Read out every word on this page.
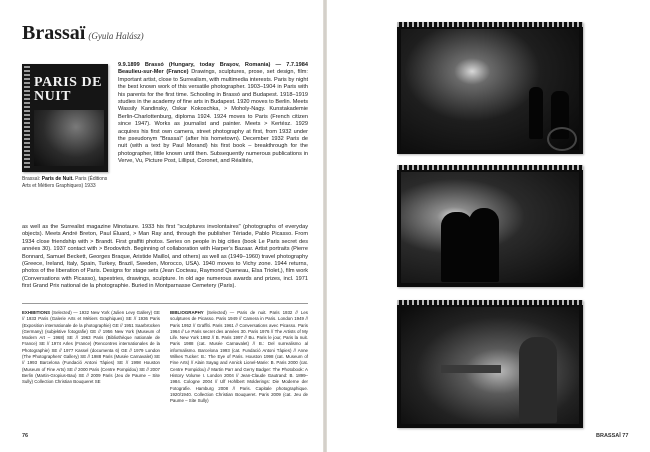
Brassaï (Gyula Halász)
PARIS DE NUIT
Brassaï: Paris de Nuit. Paris (Éditions Arts et Métiers Graphiques) 1933
9.9.1899 Brassó (Hungary, today Braşov, Romania) — 7.7.1984 Beaulieu-sur-Mer (France) Drawings, sculptures, prose, set design, film: Important artist, close to Surrealism, with multimedia interests. Paris by night the best known work of this versatile photographer. 1903–1904 in Paris with his parents for the first time. Schooling in Brassó and Budapest. 1918–1919 studies in the academy of fine arts in Budapest. 1920 moves to Berlin. Meets Wassily Kandinsky, Oskar Kokoschka, > Moholy-Nagy. Kunstakademie Berlin-Charlottenburg, diploma 1924. 1924 moves to Paris (French citizen since 1947). Works as journalist and painter. Meets > Kertész. 1929 acquires his first own camera, street photography at first, from 1932 under the pseudonym "Brassaï" (after his hometown). December 1932 Paris de nuit (with a text by Paul Morand) his first book – breakthrough for the photographer, little known until then. Subsequently numerous publications in Verve, Vu, Picture Post, Lilliput, Coronet, and Réalités,
as well as the Surrealist magazine Minotaure. 1933 his first "sculptures involontaires" (photographs of everyday objects). Meets André Breton, Paul Éluard, > Man Ray and, through the publisher Tériade, Pablo Picasso. From 1934 close friendship with > Brandt. First graffiti photos. Series on people in big cities (book Le Paris secret des années 30). 1937 contact with > Brodovitch. Beginning of collaboration with Harper's Bazaar. Artist portraits (Pierre Bonnard, Samuel Beckett, Georges Braque, Aristide Maillol, and others) as well as (1949–1960) travel photography (Greece, Ireland, Italy, Spain, Turkey, Brazil, Sweden, Morocco, USA). 1940 moves to Vichy zone. 1944 returns, photos of the liberation of Paris. Designs for stage sets (Jean Cocteau, Raymond Queneau, Elsa Triolet,), film work (Conversations with Picasso), tapestries, drawings, sculpture. In old age numerous awards and prizes, incl. 1971 first Grand Prix national de la photographie. Buried in Montparnasse Cemetery (Paris).
EXHIBITIONS (Selected) — 1932 New York (Julien Levy Gallery) GE // 1933 Paris (Galerie Arts et Métiers Graphiques) SE // 1936 Paris (Exposition internationale de la photographie) GE // 1951 Saarbrücken (Germany) (subjektive fotografie) GE // 1956 New York (Museum of Modern Art – 1968) SE // 1963 Paris (Bibliothèque nationale de France) SE // 1974 Arles (France) (Rencontres internationales de la Photographie) SE // 1977 Kassel (documenta 6) GE // 1979 London (The Photographers' Gallery) SE // 1988 Paris (Musée Carnavalet) SE // 1993 Barcelona (Fundació Antoni Tàpies) SE // 1998 Houston (Museum of Fine Arts) SE // 2000 Paris (Centre Pompidou) SE // 2007 Berlin (Martin-Gropius-Bau) SE // 2009 Paris (Jeu de Paume – Site Sully) Collection Christian Bouqueret SE
BIBLIOGRAPHY (Selected) — Paris de nuit. Paris 1932 // Les sculptures de Picasso. Paris 1949 // Camera in Paris. London 1949 // Paris 1952 // Graffiti. Paris 1961 // Conversations avec Picasso. Paris 1964 // Le Paris secret des années 30. Paris 1976 // The Artists of My Life. New York 1982 // B. Paris 1997 // Bu. Paris le jour, Paris la nuit. Paris 1988 (cat. Musée Carnavalet) // B.: Del surrealismo al informalismo. Barcelona 1993 (cat. Fundació Antoni Tàpies) // Anne Wilkes Tucker: B.: The Eye of Paris. Houston 1998 (cat. Museum of Fine Arts) // Alain Sayag and Annick Lionel-Marie: B. Paris 2000 (cat. Centre Pompidou) // Martin Parr and Gerry Badger: The Photobook: A History Volume I. London 2004 // Jean-Claude Gautrand: B. 1899–1984. Cologne 2004 // Ulf Hohlbert Molderings: Die Moderne der Fotografie. Hamburg 2008 // Paris. Capitale photographique. 1920/1940. Collection Christian Bouqueret. Paris 2009 (cat. Jeu de Paume – Site Sully)
76	BRASSAÏ 77
